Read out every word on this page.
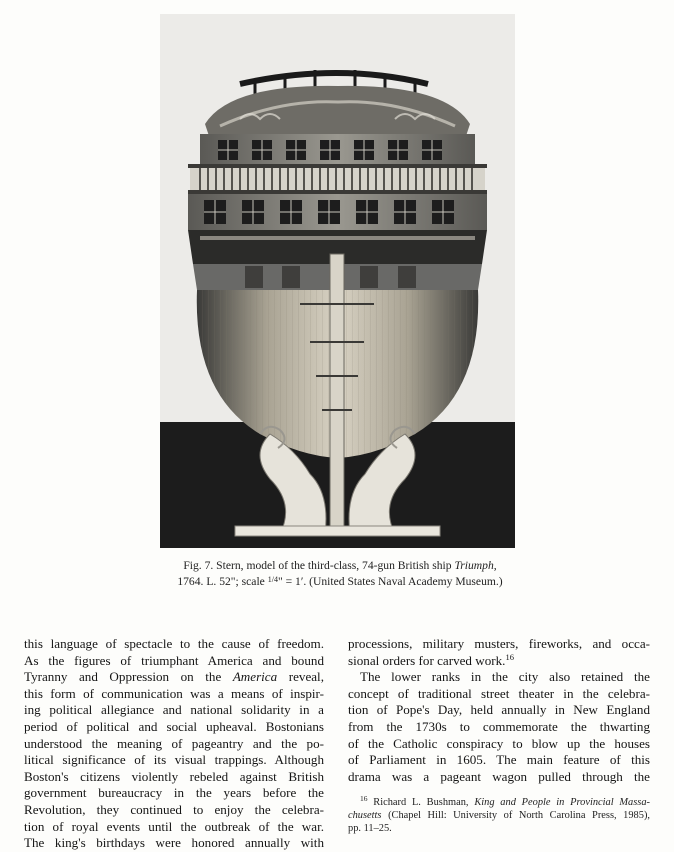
Fig. 7. Stern, model of the third-class, 74-gun British ship Triumph,
1764. L. 52"; scale $^{1/4}$" = 1′. (United States Naval Academy Museum.)
this language of spectacle to the cause of freedom.
As the figures of triumphant America and bound
Tyranny and Oppression on the America reveal,
this form of communication was a means of inspir-
ing political allegiance and national solidarity in a
period of political and social upheaval. Bostonians
understood the meaning of pageantry and the po-
litical significance of its visual trappings. Although
Boston's citizens violently rebeled against British
government bureaucracy in the years before the
Revolution, they continued to enjoy the celebra-
tion of royal events until the outbreak of the war.
The king's birthdays were honored annually with
processions, military musters, fireworks, and occa-
sional orders for carved work.$^{16}$
The lower ranks in the city also retained the
concept of traditional street theater in the celebra-
tion of Pope's Day, held annually in New England
from the 1730s to commemorate the thwarting
of the Catholic conspiracy to blow up the houses
of Parliament in 1605. The main feature of this
drama was a pageant wagon pulled through the
$^{16}$ Richard L. Bushman, King and People in Provincial Massa-
chusetts (Chapel Hill: University of North Carolina Press, 1985),
pp. 11–25.
